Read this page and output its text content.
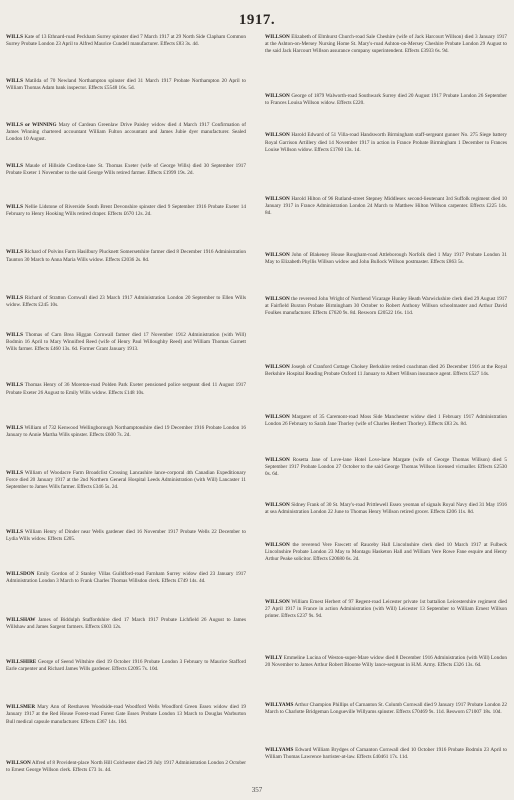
1917.
WILLS Kate of 13 Ethnard-road Peckham Surrey spinster died 7 March 1917 at 29 North Side Clapham Common Surrey Probate London 23 April to Alfred Maurice Cundell manufacturer. Effects £83 3s. 4d.
WILLS Matilda of 70 Newland Northampton spinster died 31 March 1917 Probate Northampton 20 April to William Thomas Adam bank inspector. Effects £5548 16s. 5d.
WILLS or WINNING Mary of Cardean Greenlaw Drive Paisley widow died 4 March 1917 Confirmation of James Winning chartered accountant William Fulton accountant and James Jubie dyer manufacturer. Sealed London 10 August.
WILLS Maude of Hillside Crediton-lane St. Thomas Exeter (wife of George Wills) died 30 September 1917 Probate Exeter 1 November to the said George Wills retired farmer. Effects £1999 19s. 2d.
WILLS Nellie Lidstone of Riverside South Brent Devonshire spinster died 9 September 1916 Probate Exeter 14 February to Henry Hooking Wills retired draper. Effects £670 12s. 2d.
WILLS Richard of Polvins Farm Hasilbury Plucknett Somersetshire farmer died 8 December 1916 Administration Taunton 30 March to Anna Maria Wills widow. Effects £2036 2s. 8d.
WILLS Richard of Stratton Cornwall died 23 March 1917 Administration London 20 September to Ellen Wills widow. Effects £245 10s.
WILLS Thomas of Carn Brea Higgan Cornwall farmer died 17 November 1912 Administration (with Will) Bodmin 16 April to Mary Winnifred Reed (wife of Henry Paul Willoughby Reed) and William Thomas Garnett Wills farmer. Effects £460 13s. 6d. Former Grant January 1913.
WILLS Thomas Henry of 36 Moreton-road Polden Park Exeter pensioned police sergeant died 11 August 1917 Probate Exeter 26 August to Emily Wills widow. Effects £148 10s.
WILLS William of 732 Kenwood Wellingborough Northamptonshire died 19 December 1916 Probate London 16 January to Annie Martha Wills spinster. Effects £600 7s. 2d.
WILLS William of Woodacre Farm Broadclist Crossing Lancashire lance-corporal 4th Canadian Expeditionary Force died 20 January 1917 at the 2nd Northern General Hospital Leeds Administration (with Will) Lancaster 11 September to James Wills farmer. Effects £346 5s. 2d.
WILLS William Henry of Dinder near Wells gardener died 16 November 1917 Probate Wells 22 December to Lydia Wills widow. Effects £205.
WILLSDON Emily Gordon of 2 Stanley Villas Guildford-road Farnham Surrey widow died 23 January 1917 Administration London 3 March to Frank Charles Thomas Willsdon clerk. Effects £749 14s. 4d.
WILLSHAW James of Biddulph Staffordshire died 17 March 1917 Probate Lichfield 26 August to James Willshaw and James Sargent farmers. Effects £603 12s.
WILLSHIRE George of Seend Wiltshire died 19 October 1916 Probate London 3 February to Maurice Stafford Earle carpenter and Richard James Wills gardener. Effects £2095 7s. 10d.
WILLSMER Mary Ann of Resthaven Woodside-road Woodford Wells Woodford Green Essex widow died 19 January 1917 at the Red House Forest-road Forest Gate Essex Probate London 13 March to Douglas Warburton Bull medical capsule manufacturer. Effects £367 14s. 10d.
WILLSON Alfred of 8 Provident-place North Hill Colchester died 29 July 1917 Administration London 2 October to Ernest George Willson clerk. Effects £73 1s. 4d.
WILLSON Elizabeth of Elmhurst Church-road Sale Cheshire (wife of Jack Harcourt Willson) died 3 January 1917 at the Ashton-on-Mersey Nursing Home St. Mary's-road Ashton-on-Mersey Cheshire Probate London 29 August to the said Jack Harcourt Willson assurance company superintendent. Effects £3933 6s. 9d.
WILLSON George of 1879 Walworth-road Southwark Surrey died 20 August 1917 Probate London 26 September to Frances Louisa Willson widow. Effects £220.
WILLSON Harold Edward of 51 Villa-road Handsworth Birmingham staff-sergeant gunner No. 275 Siege battery Royal Garrison Artillery died 14 November 1917 in action in France Probate Birmingham 1 December to Frances Louise Willson widow. Effects £1760 13s. 1d.
WILLSON Harold Hilton of 96 Rutland-street Stepney Middlesex second-lieutenant 3rd Suffolk regiment died 10 January 1917 in France Administration London 24 March to Matthew Hilton Willson carpenter. Effects £225 14s. 8d.
WILLSON John of Blakeney House Rougham-road Attleborough Norfolk died 1 May 1917 Probate London 31 May to Elizabeth Phyllis Willson widow and John Bullock Willson postmaster. Effects £863 5s.
WILLSON the reverend John Wright of Northend Vicarage Hunley Heath Warwickshire clerk died 29 August 1917 at Fairfield Buxton Probate Birmingham 30 October to Robert Anthony Willson schoolmaster and Arthur David Foulkes manufacturer. Effects £7620 9s. 8d. Resworn £20522 16s. 11d.
WILLSON Joseph of Cranford Cottage Cholsey Berkshire retired coachman died 26 December 1916 at the Royal Berkshire Hospital Reading Probate Oxford 11 January to Albert Willson insurance agent. Effects £527 14s.
WILLSON Margaret of 35 Caremont-road Moss Side Manchester widow died 1 February 1917 Administration London 26 February to Sarah Jane Thorley (wife of Charles Herbert Thorley). Effects £83 2s. 8d.
WILLSON Rosetta Jane of Love-lane Hotel Love-lane Margate (wife of George Thomas Willson) died 5 September 1917 Probate London 27 October to the said George Thomas Willson licensed victualler. Effects £2530 0s. 6d.
WILLSON Sidney Frank of 30 St. Mary's-road Prittlewell Essex yeoman of signals Royal Navy died 31 May 1916 at sea Administration London 22 June to Thomas Henry Willson retired grocer. Effects £206 11s. 8d.
WILLSON the reverend Vere Fawcett of Rauceby Hall Lincolnshire clerk died 10 March 1917 at Fulbeck Lincolnshire Probate London 23 May to Montagu Hasketon Hall and William Vere Rowe Fane esquire and Henry Arthur Peake solicitor. Effects £20680 6s. 2d.
WILLSON William Ernest Herbert of 97 Regent-road Leicester private 1st battalion Leicestershire regiment died 27 April 1917 in France in action Administration (with Will) Leicester 13 September to William Ernest Willson printer. Effects £237 9s. 9d.
WILLY Emmeline Lucina of Weston-super-Mare widow died 8 December 1916 Administration (with Will) London 20 November to James Arthur Robert Bloome Willy lance-sergeant in H.M. Army. Effects £326 13s. 6d.
WILLYAMS Arthur Champion Phillips of Carnanton St. Columb Cornwall died 9 January 1917 Probate London 22 March to Charlotte Bridgeman Longueville Willyams spinster. Effects £70469 9s. 11d. Resworn £71007 18s. 10d.
WILLYAMS Edward William Brydges of Carnanton Cornwall died 10 October 1916 Probate Bodmin 23 April to William Thomas Lawrence barrister-at-law. Effects £40461 17s. 11d.
357
